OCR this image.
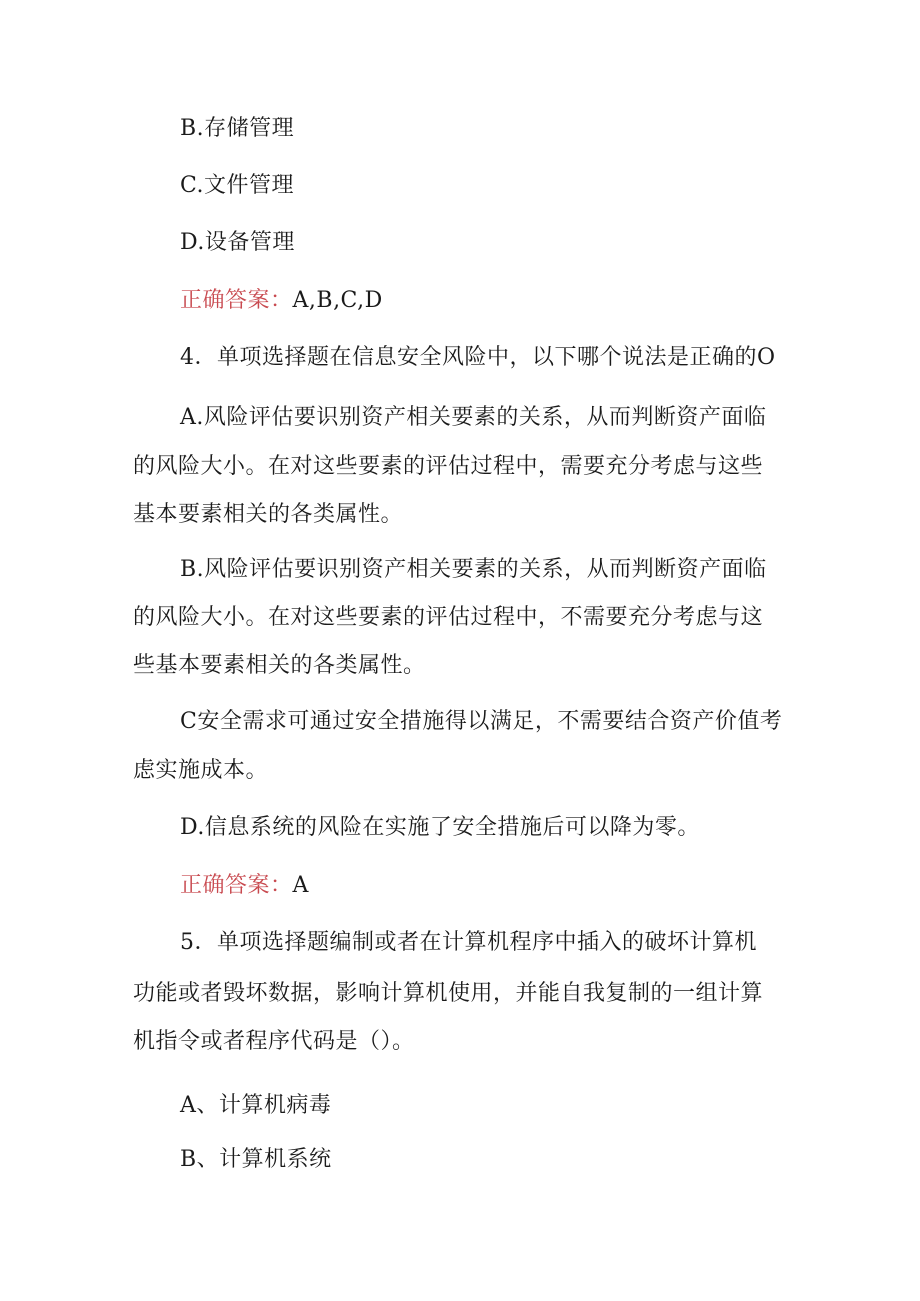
B.存储管理
C.文件管理
D.设备管理
正确答案：A,B,C,D
4．单项选择题在信息安全风险中，以下哪个说法是正确的O
A.风险评估要识别资产相关要素的关系，从而判断资产面临
的风险大小。在对这些要素的评估过程中，需要充分考虑与这些
基本要素相关的各类属性。
B.风险评估要识别资产相关要素的关系，从而判断资产面临
的风险大小。在对这些要素的评估过程中，不需要充分考虑与这
些基本要素相关的各类属性。
C安全需求可通过安全措施得以满足，不需要结合资产价值考
虑实施成本。
D.信息系统的风险在实施了安全措施后可以降为零。
正确答案：A
5．单项选择题编制或者在计算机程序中插入的破坏计算机
功能或者毁坏数据，影响计算机使用，并能自我复制的一组计算
机指令或者程序代码是（）。
A、计算机病毒
B、计算机系统
